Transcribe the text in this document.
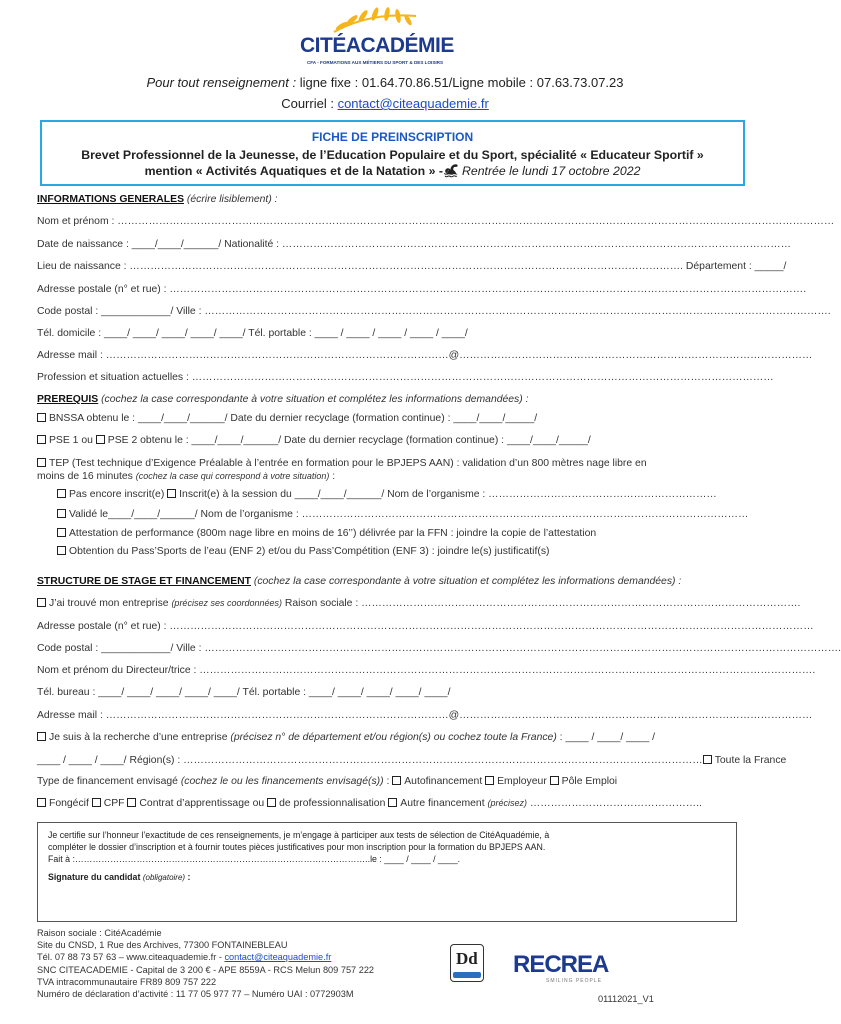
CITÉACADÉMIE
CFA - FORMATIONS AUX MÉTIERS DU SPORT & DES LOISIRS
Pour tout renseignement : ligne fixe : 01.64.70.86.51/Ligne mobile : 07.63.73.07.23
Courriel : contact@citeaquademie.fr
FICHE DE PREINSCRIPTION
Brevet Professionnel de la Jeunesse, de l’Education Populaire et du Sport, spécialité « Educateur Sportif »
mention « Activités Aquatiques et de la Natation » -🏊︎ Rentrée le lundi 17 octobre 2022
INFORMATIONS GENERALES (écrire lisiblement) :
Nom et prénom : ………………………………………………………………………………………………………………………………………………………………………………………
Date de naissance : ____/____/______/ Nationalité : …………………………………………………………………………………………………………………………………
Lieu de naissance : ……………………………………………………………………………………………………………………………………………. Département : _____/
Adresse postale (n° et rue) : ………………………………………………………………………………………………………………………………………………………………….
Code postal : ____________/ Ville : ……………………………………………………………………………………………………………………………………………………………….
Tél. domicile : ____/ ____/ ____/ ____/ ____/ Tél. portable : ____ / ____ / ____ / ____ / ____/
Adresse mail : ………………………………………………………………………………………@…………………………………………………………………………………………
Profession et situation actuelles : ……………………………………………………………………………………………………………………………………………………
PREREQUIS (cochez la case correspondante à votre situation et complétez les informations demandées) :
BNSSA obtenu le : ____/____/______/ Date du dernier recyclage (formation continue) : ____/____/_____/
PSE 1 ou PSE 2 obtenu le : ____/____/______/ Date du dernier recyclage (formation continue) : ____/____/_____/
TEP (Test technique d’Exigence Préalable à l’entrée en formation pour le BPJEPS AAN) : validation d’un 800 mètres nage libre en
moins de 16 minutes (cochez la case qui correspond à votre situation) :
Pas encore inscrit(e) Inscrit(e) à la session du ____/____/______/ Nom de l’organisme : …………………………………………………………
Validé le____/____/______/ Nom de l’organisme : …………………………………………………………………………………………………………………
Attestation de performance (800m nage libre en moins de 16’’) délivrée par la FFN : joindre la copie de l’attestation
Obtention du Pass’Sports de l’eau (ENF 2) et/ou du Pass’Compétition (ENF 3) : joindre le(s) justificatif(s)
STRUCTURE DE STAGE ET FINANCEMENT (cochez la case correspondante à votre situation et complétez les informations demandées) :
J’ai trouvé mon entreprise (précisez ses coordonnées) Raison sociale : ……………………………………………………………………………………………………………….
Adresse postale (n° et rue) : ……………………………………………………………………………………………………………………………………………………………………
Code postal : ____________/ Ville : ………………………………………………………………………………………………………………………………………………………………….
Nom et prénom du Directeur/trice : …………………………………………………………………………………………………………………………………………………………….
Tél. bureau : ____/ ____/ ____/ ____/ ____/ Tél. portable : ____/ ____/ ____/ ____/ ____/
Adresse mail : ………………………………………………………………………………………@…………………………………………………………………………………………
Je suis à la recherche d’une entreprise (précisez n° de département et/ou région(s) ou cochez toute la France) : ____ / ____/ ____ /
____ / ____ / ____/ Région(s) : …………………………………………………………………………………………………………………………………… Toute la France
Type de financement envisagé (cochez le ou les financements envisagé(s)) : Autofinancement Employeur Pôle Emploi
Fongécif CPF Contrat d’apprentissage ou de professionnalisation Autre financement (précisez) …………………………………………..
Je certifie sur l’honneur l’exactitude de ces renseignements, je m’engage à participer aux tests de sélection de CitéAquadémie, à
compléter le dossier d’inscription et à fournir toutes pièces justificatives pour mon inscription pour la formation du BPJEPS AAN.
Fait à :………………………………………………………………………………………..le : ____ / ____ / ____.
Signature du candidat (obligatoire) :
Raison sociale : CitéAcadémie
Site du CNSD, 1 Rue des Archives, 77300 FONTAINEBLEAU
Tél. 07 88 73 57 63 – www.citeaquademie.fr - contact@citeaquademie.fr
SNC CITEACADEMIE - Capital de 3 200 € - APE 8559A - RCS Melun 809 757 222
TVA intracommunautaire FR89 809 757 222
Numéro de déclaration d’activité : 11 77 05 977 77 – Numéro UAI : 0772903M
Dd RECREA
SMILING PEOPLE
01112021_V1
